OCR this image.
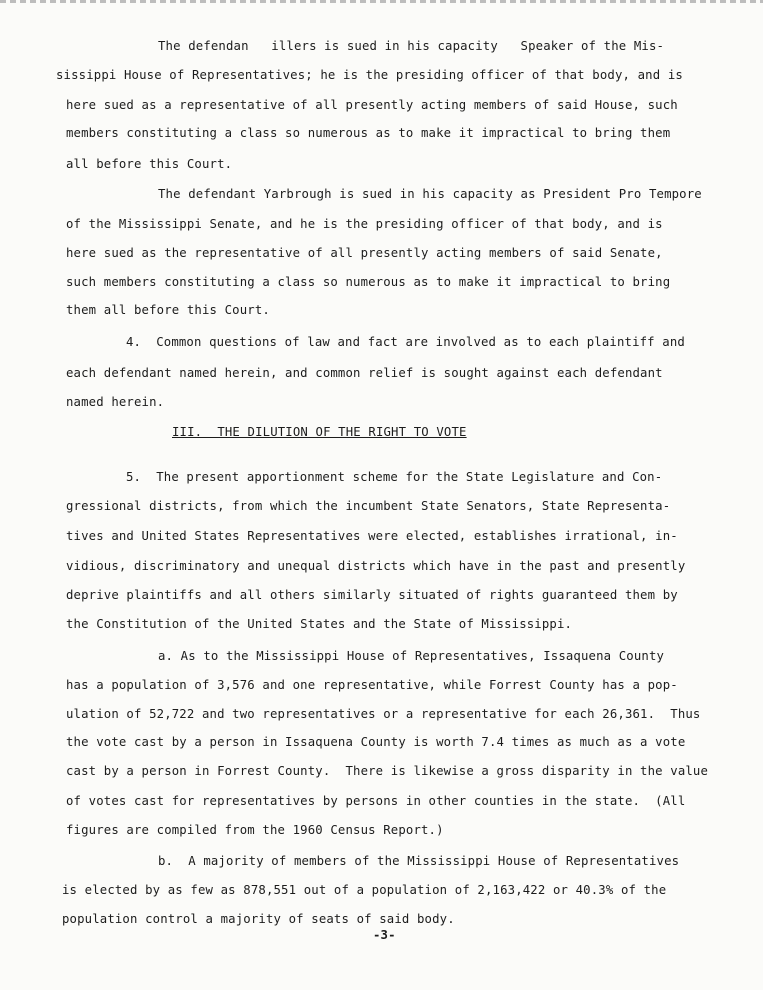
The defendan   illers is sued in his capacity   Speaker of the Mis-
sissippi House of Representatives; he is the presiding officer of that body, and is
here sued as a representative of all presently acting members of said House, such
members constituting a class so numerous as to make it impractical to bring them
all before this Court.
The defendant Yarbrough is sued in his capacity as President Pro Tempore
of the Mississippi Senate, and he is the presiding officer of that body, and is
here sued as the representative of all presently acting members of said Senate,
such members constituting a class so numerous as to make it impractical to bring
them all before this Court.
4.  Common questions of law and fact are involved as to each plaintiff and
each defendant named herein, and common relief is sought against each defendant
named herein.
III.  THE DILUTION OF THE RIGHT TO VOTE
5.  The present apportionment scheme for the State Legislature and Con-
gressional districts, from which the incumbent State Senators, State Representa-
tives and United States Representatives were elected, establishes irrational, in-
vidious, discriminatory and unequal districts which have in the past and presently
deprive plaintiffs and all others similarly situated of rights guaranteed them by
the Constitution of the United States and the State of Mississippi.
a. As to the Mississippi House of Representatives, Issaquena County
has a population of 3,576 and one representative, while Forrest County has a pop-
ulation of 52,722 and two representatives or a representative for each 26,361.  Thus
the vote cast by a person in Issaquena County is worth 7.4 times as much as a vote
cast by a person in Forrest County.  There is likewise a gross disparity in the value
of votes cast for representatives by persons in other counties in the state.  (All
figures are compiled from the 1960 Census Report.)
b.  A majority of members of the Mississippi House of Representatives
is elected by as few as 878,551 out of a population of 2,163,422 or 40.3% of the
population control a majority of seats of said body.
-3-
